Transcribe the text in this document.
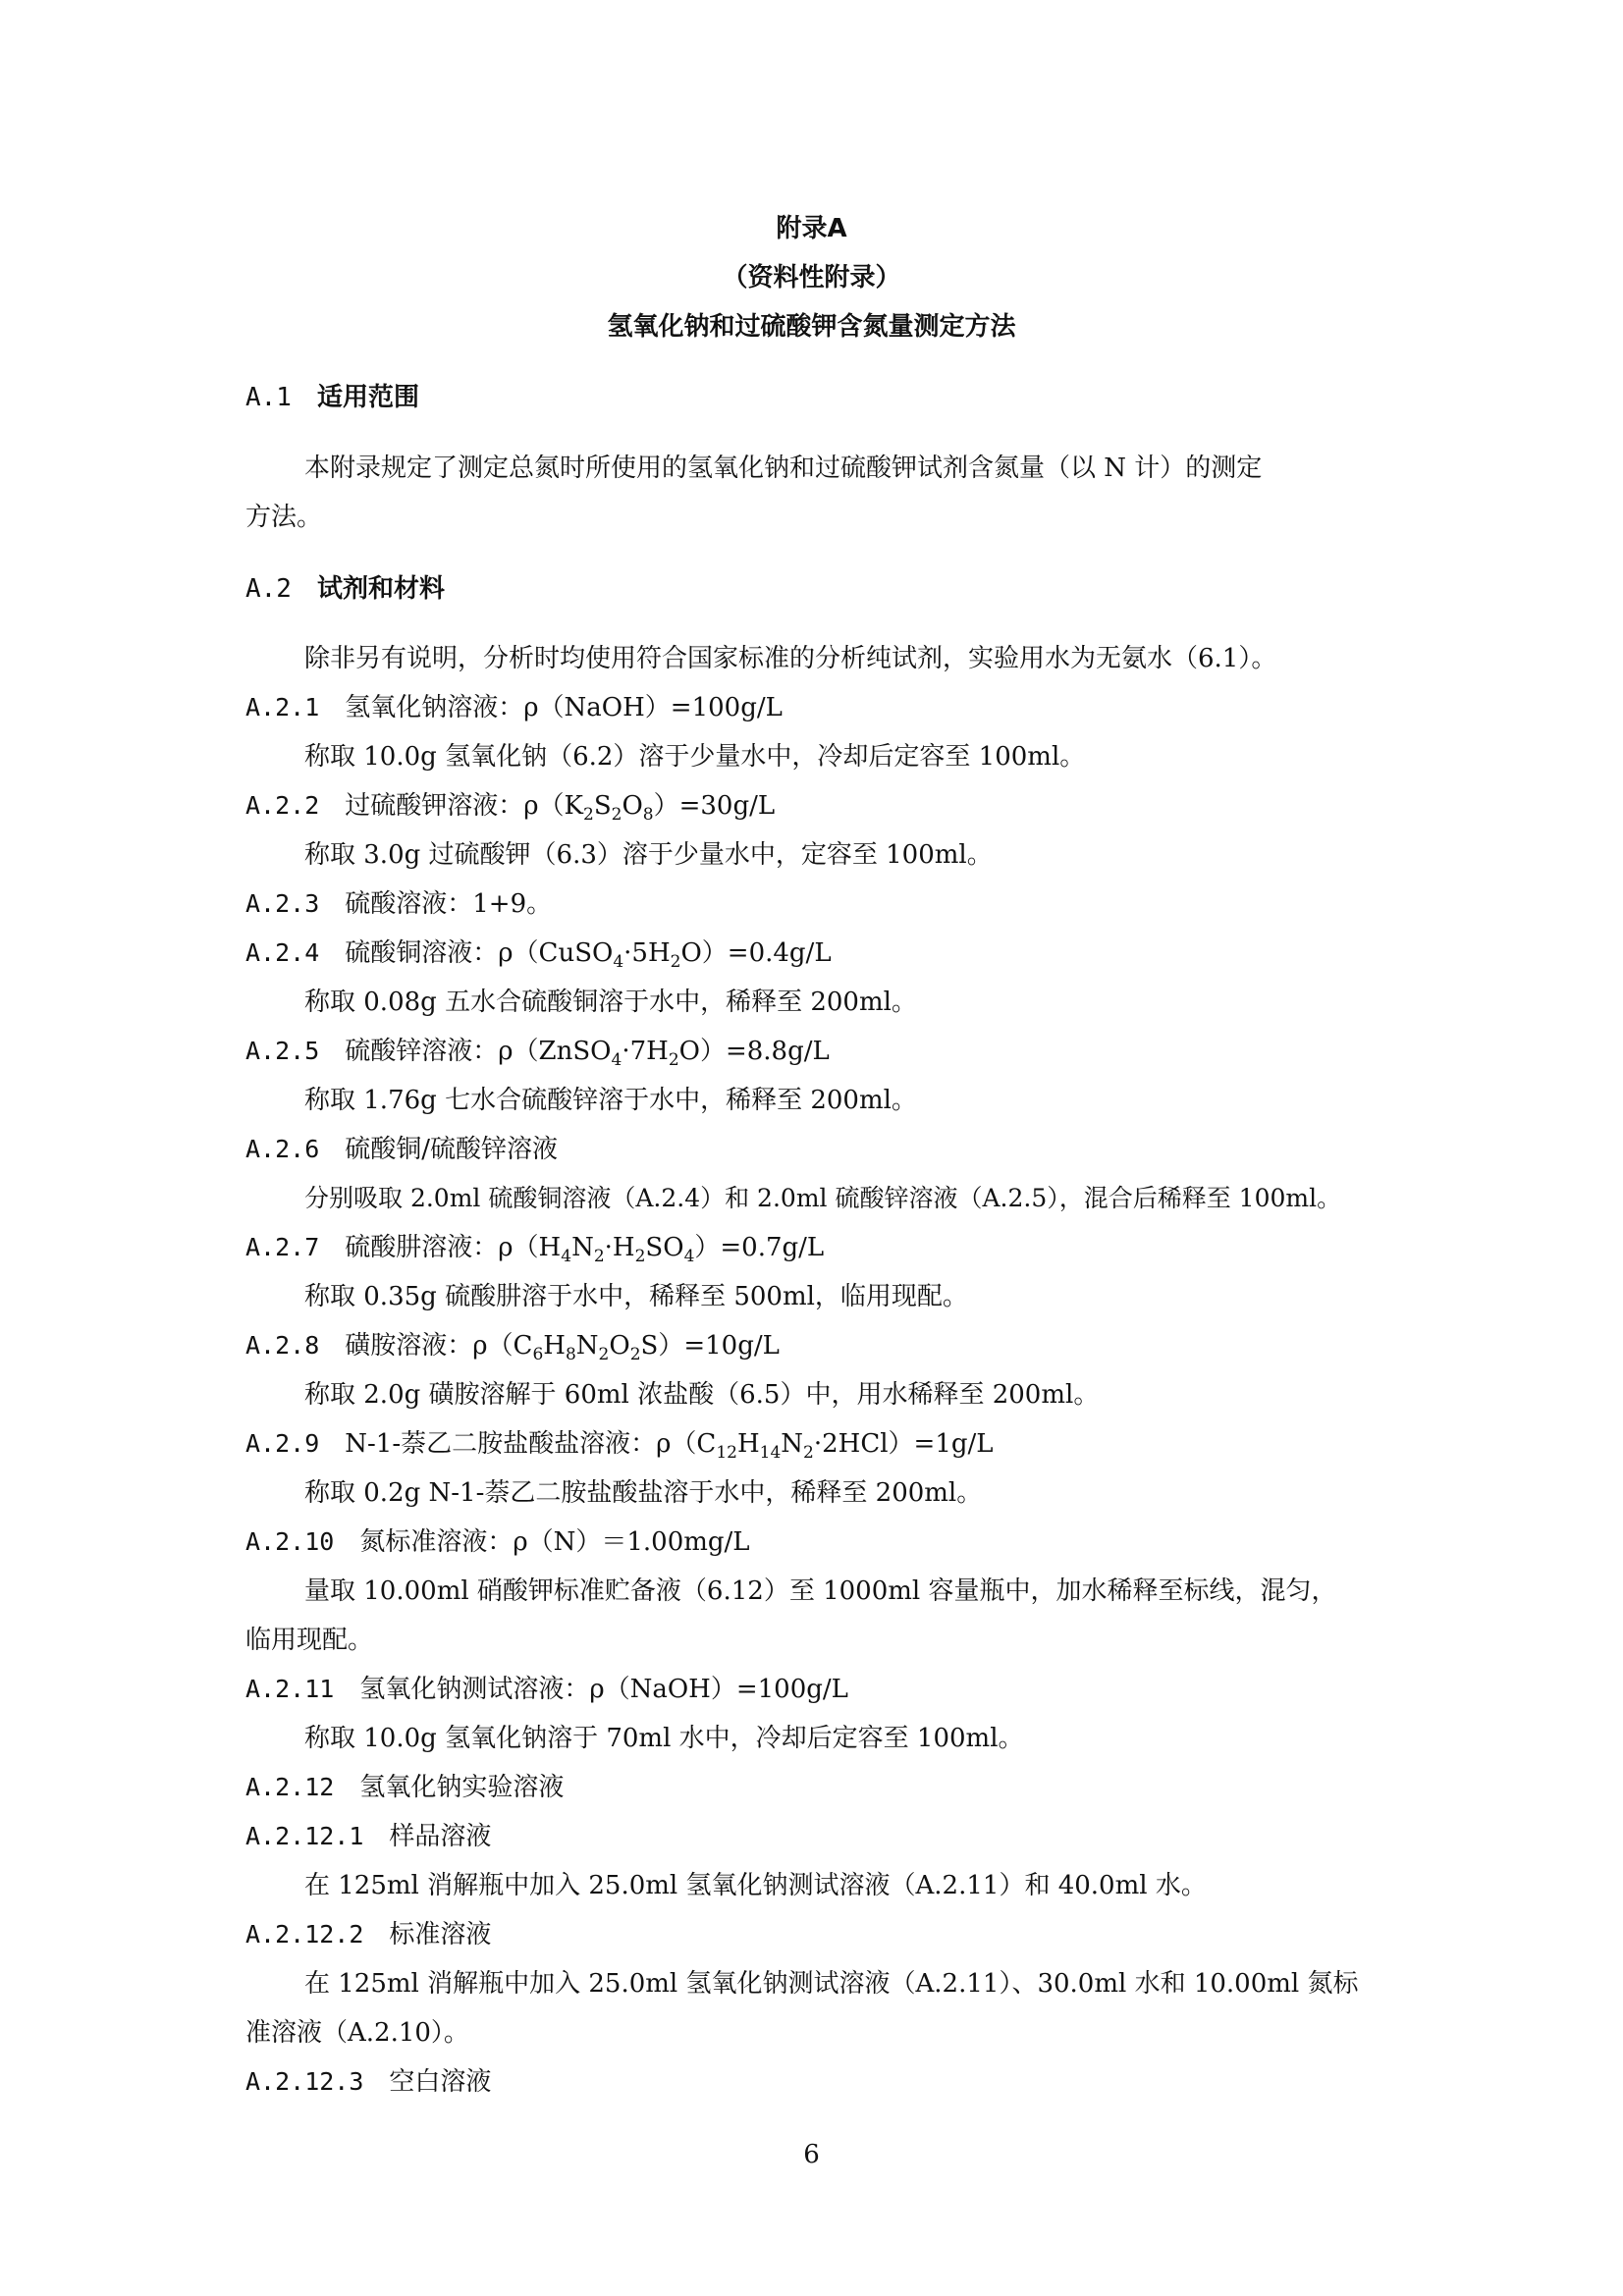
附录A
（资料性附录）
氢氧化钠和过硫酸钾含氮量测定方法
A.1 适用范围
本附录规定了测定总氮时所使用的氢氧化钠和过硫酸钾试剂含氮量（以 N 计）的测定
方法。
A.2 试剂和材料
除非另有说明，分析时均使用符合国家标准的分析纯试剂，实验用水为无氨水（6.1）。
A.2.1 氢氧化钠溶液：ρ（NaOH）=100g/L
称取 10.0g 氢氧化钠（6.2）溶于少量水中，冷却后定容至 100ml。
A.2.2 过硫酸钾溶液：$\rho(K_2S_2O_8)=30g/L$
称取 3.0g 过硫酸钾（6.3）溶于少量水中，定容至 100ml。
A.2.3 硫酸溶液：1+9。
A.2.4 硫酸铜溶液：$\rho(CuSO_4\cdot 5H_2O)=0.4g/L$
称取 0.08g 五水合硫酸铜溶于水中，稀释至 200ml。
A.2.5 硫酸锌溶液：$\rho(ZnSO_4\cdot 7H_2O)=8.8g/L$
称取 1.76g 七水合硫酸锌溶于水中，稀释至 200ml。
A.2.6 硫酸铜/硫酸锌溶液
分别吸取 2.0ml 硫酸铜溶液（A.2.4）和 2.0ml 硫酸锌溶液（A.2.5），混合后稀释至 100ml。
A.2.7 硫酸肼溶液：$\rho(H_4N_2\cdot H_2SO_4)=0.7g/L$
称取 0.35g 硫酸肼溶于水中，稀释至 500ml，临用现配。
A.2.8 磺胺溶液：$\rho(C_6H_8N_2O_2S)=10g/L$
称取 2.0g 磺胺溶解于 60ml 浓盐酸（6.5）中，用水稀释至 200ml。
A.2.9 N-1-萘乙二胺盐酸盐溶液：$\rho(C_{12}H_{14}N_2\cdot 2HCl)=1g/L$
称取 0.2g N-1-萘乙二胺盐酸盐溶于水中，稀释至 200ml。
A.2.10 氮标准溶液：ρ（N）＝1.00mg/L
量取 10.00ml 硝酸钾标准贮备液（6.12）至 1000ml 容量瓶中，加水稀释至标线，混匀，
临用现配。
A.2.11 氢氧化钠测试溶液：ρ（NaOH）=100g/L
称取 10.0g 氢氧化钠溶于 70ml 水中，冷却后定容至 100ml。
A.2.12 氢氧化钠实验溶液
A.2.12.1 样品溶液
在 125ml 消解瓶中加入 25.0ml 氢氧化钠测试溶液（A.2.11）和 40.0ml 水。
A.2.12.2 标准溶液
在 125ml 消解瓶中加入 25.0ml 氢氧化钠测试溶液（A.2.11）、30.0ml 水和 10.00ml 氮标
准溶液（A.2.10）。
A.2.12.3 空白溶液
6
